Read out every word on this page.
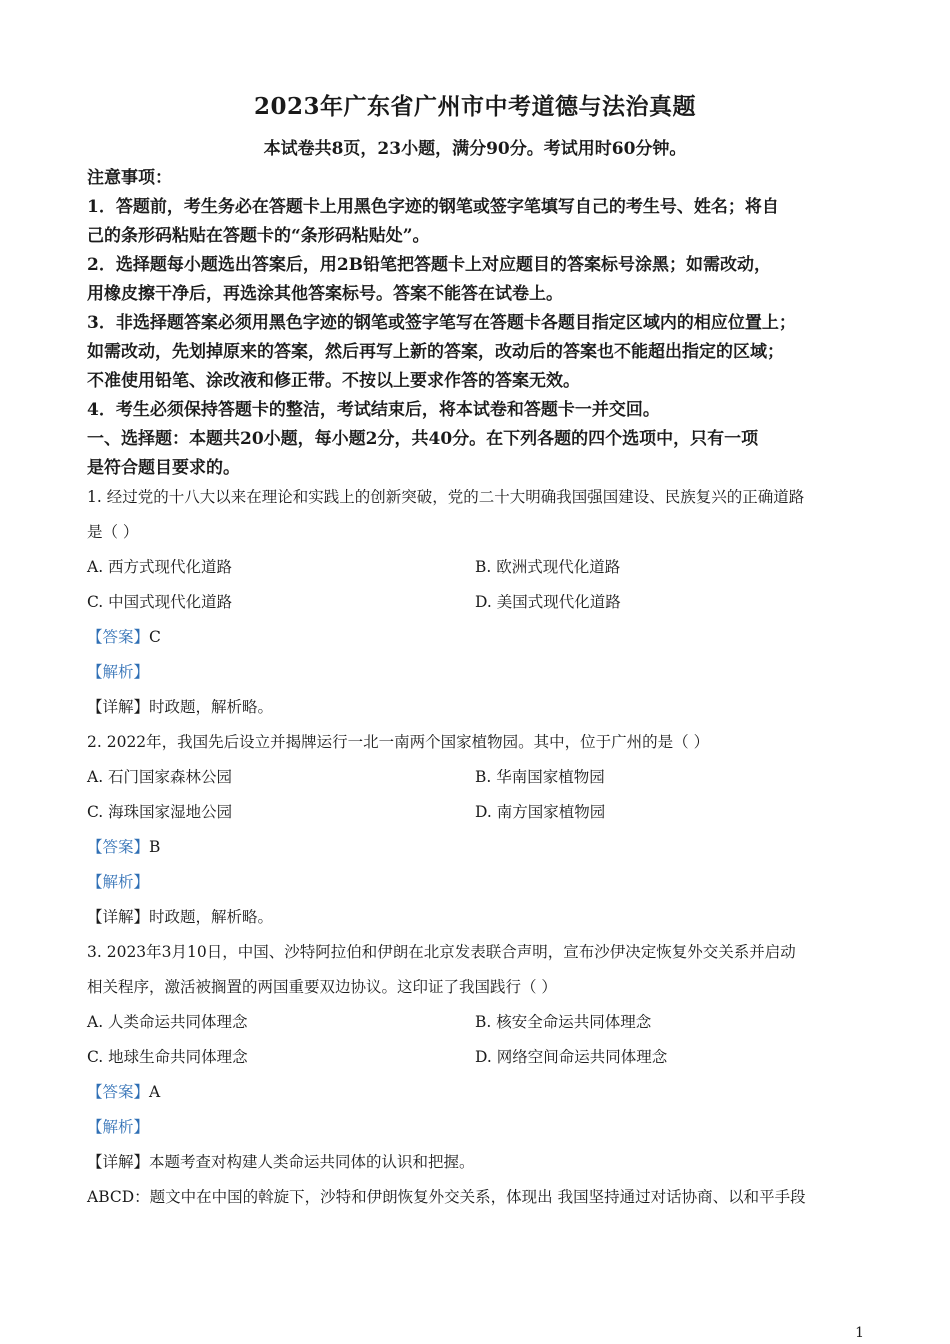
2023年广东省广州市中考道德与法治真题
本试卷共8页，23小题，满分90分。考试用时60分钟。
注意事项：
1．答题前，考生务必在答题卡上用黑色字迹的钢笔或签字笔填写自己的考生号、姓名；将自
己的条形码粘贴在答题卡的“条形码粘贴处”。
2．选择题每小题选出答案后，用2B铅笔把答题卡上对应题目的答案标号涂黑；如需改动，
用橡皮擦干净后，再选涂其他答案标号。答案不能答在试卷上。
3．非选择题答案必须用黑色字迹的钢笔或签字笔写在答题卡各题目指定区域内的相应位置上；
如需改动，先划掉原来的答案，然后再写上新的答案，改动后的答案也不能超出指定的区域；
不准使用铅笔、涂改液和修正带。不按以上要求作答的答案无效。
4．考生必须保持答题卡的整洁，考试结束后，将本试卷和答题卡一并交回。
一、选择题：本题共20小题，每小题2分，共40分。在下列各题的四个选项中，只有一项
是符合题目要求的。
1. 经过党的十八大以来在理论和实践上的创新突破，党的二十大明确我国强国建设、民族复兴的正确道路
是（ ）
A. 西方式现代化道路	B. 欧洲式现代化道路
C. 中国式现代化道路	D. 美国式现代化道路
【答案】C
【解析】
【详解】时政题，解析略。
2. 2022年，我国先后设立并揭牌运行一北一南两个国家植物园。其中，位于广州的是（ ）
A. 石门国家森林公园	B. 华南国家植物园
C. 海珠国家湿地公园	D. 南方国家植物园
【答案】B
【解析】
【详解】时政题，解析略。
3. 2023年3月10日，中国、沙特阿拉伯和伊朗在北京发表联合声明，宣布沙伊决定恢复外交关系并启动
相关程序，激活被搁置的两国重要双边协议。这印证了我国践行（ ）
A. 人类命运共同体理念	B. 核安全命运共同体理念
C. 地球生命共同体理念	D. 网络空间命运共同体理念
【答案】A
【解析】
【详解】本题考查对构建人类命运共同体的认识和把握。
ABCD：题文中在中国的斡旋下，沙特和伊朗恢复外交关系，体现出 我国坚持通过对话协商、以和平手段
1
